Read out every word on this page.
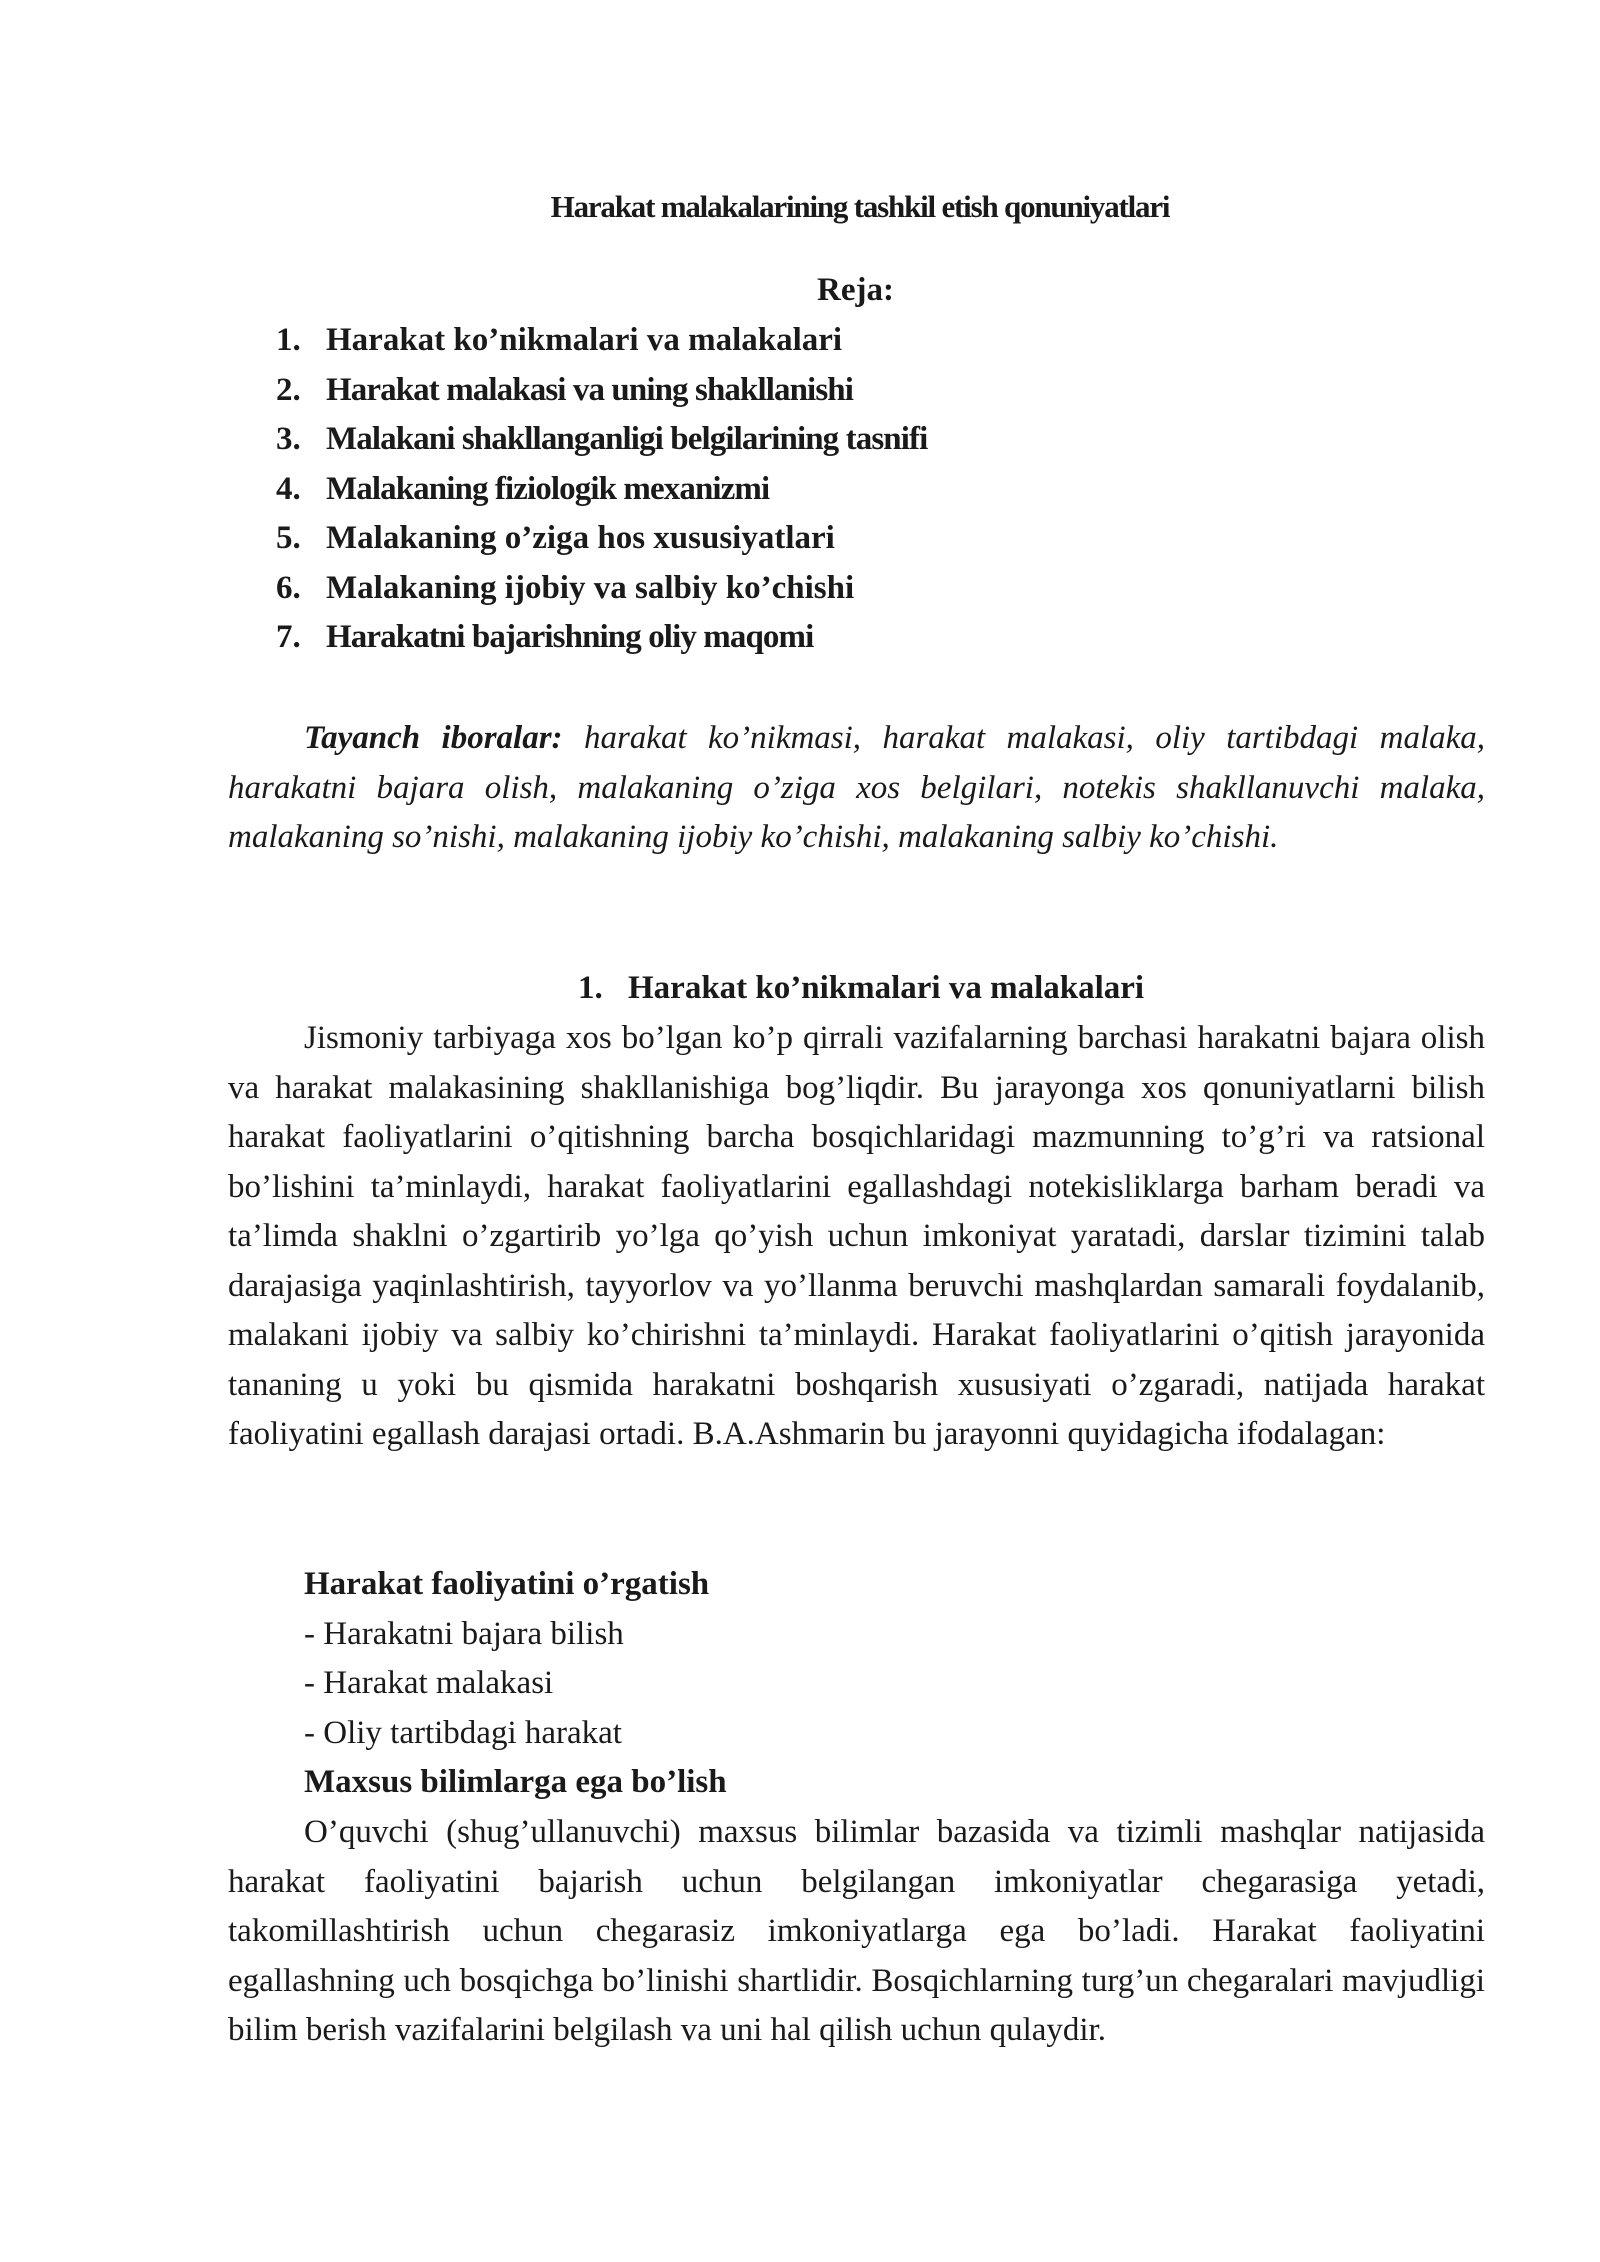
Harakat malakalarining tashkil etish qonuniyatlari
Reja:
1. Harakat ko’nikmalari va malakalari
2. Harakat malakasi va uning shakllanishi
3. Malakani shakllanganligi belgilarining tasnifi
4. Malakaning fiziologik mexanizmi
5. Malakaning o’ziga hos xususiyatlari
6. Malakaning ijobiy va salbiy ko’chishi
7. Harakatni bajarishning oliy maqomi

Tayanch iboralar: harakat ko’nikmasi, harakat malakasi, oliy tartibdagi malaka, harakatni bajara olish, malakaning o’ziga xos belgilari, notekis shakllanuvchi malaka, malakaning so’nishi, malakaning ijobiy ko’chishi, malakaning salbiy ko’chishi.

1. Harakat ko’nikmalari va malakalari

Jismoniy tarbiyaga xos bo’lgan ko’p qirrali vazifalarning barchasi harakatni bajara olish va harakat malakasining shakllanishiga bog’liqdir. Bu jarayonga xos qonuniyatlarni bilish harakat faoliyatlarini o’qitishning barcha bosqichlaridagi mazmunning to’g’ri va ratsional bo’lishini ta’minlaydi, harakat faoliyatlarini egallashdagi notekisliklarga barham beradi va ta’limda shaklni o’zgartirib yo’lga qo’yish uchun imkoniyat yaratadi, darslar tizimini talab darajasiga yaqinlashtirish, tayyorlov va yo’llanma beruvchi mashqlardan samarali foydalanib, malakani ijobiy va salbiy ko’chirishni ta’minlaydi. Harakat faoliyatlarini o’qitish jarayonida tananing u yoki bu qismida harakatni boshqarish xususiyati o’zgaradi, natijada harakat faoliyatini egallash darajasi ortadi. B.A.Ashmarin bu jarayonni quyidagicha ifodalagan:

Harakat faoliyatini o’rgatish
- Harakatni bajara bilish
- Harakat malakasi
- Oliy tartibdagi harakat
Maxsus bilimlarga ega bo’lish

O’quvchi (shug’ullanuvchi) maxsus bilimlar bazasida va tizimli mashqlar natijasida harakat faoliyatini bajarish uchun belgilangan imkoniyatlar chegarasiga yetadi, takomillashtirish uchun chegarasiz imkoniyatlarga ega bo’ladi. Harakat faoliyatini egallashning uch bosqichga bo’linishi shartlidir. Bosqichlarning turg’un chegaralari mavjudligi bilim berish vazifalarini belgilash va uni hal qilish uchun qulaydir.
